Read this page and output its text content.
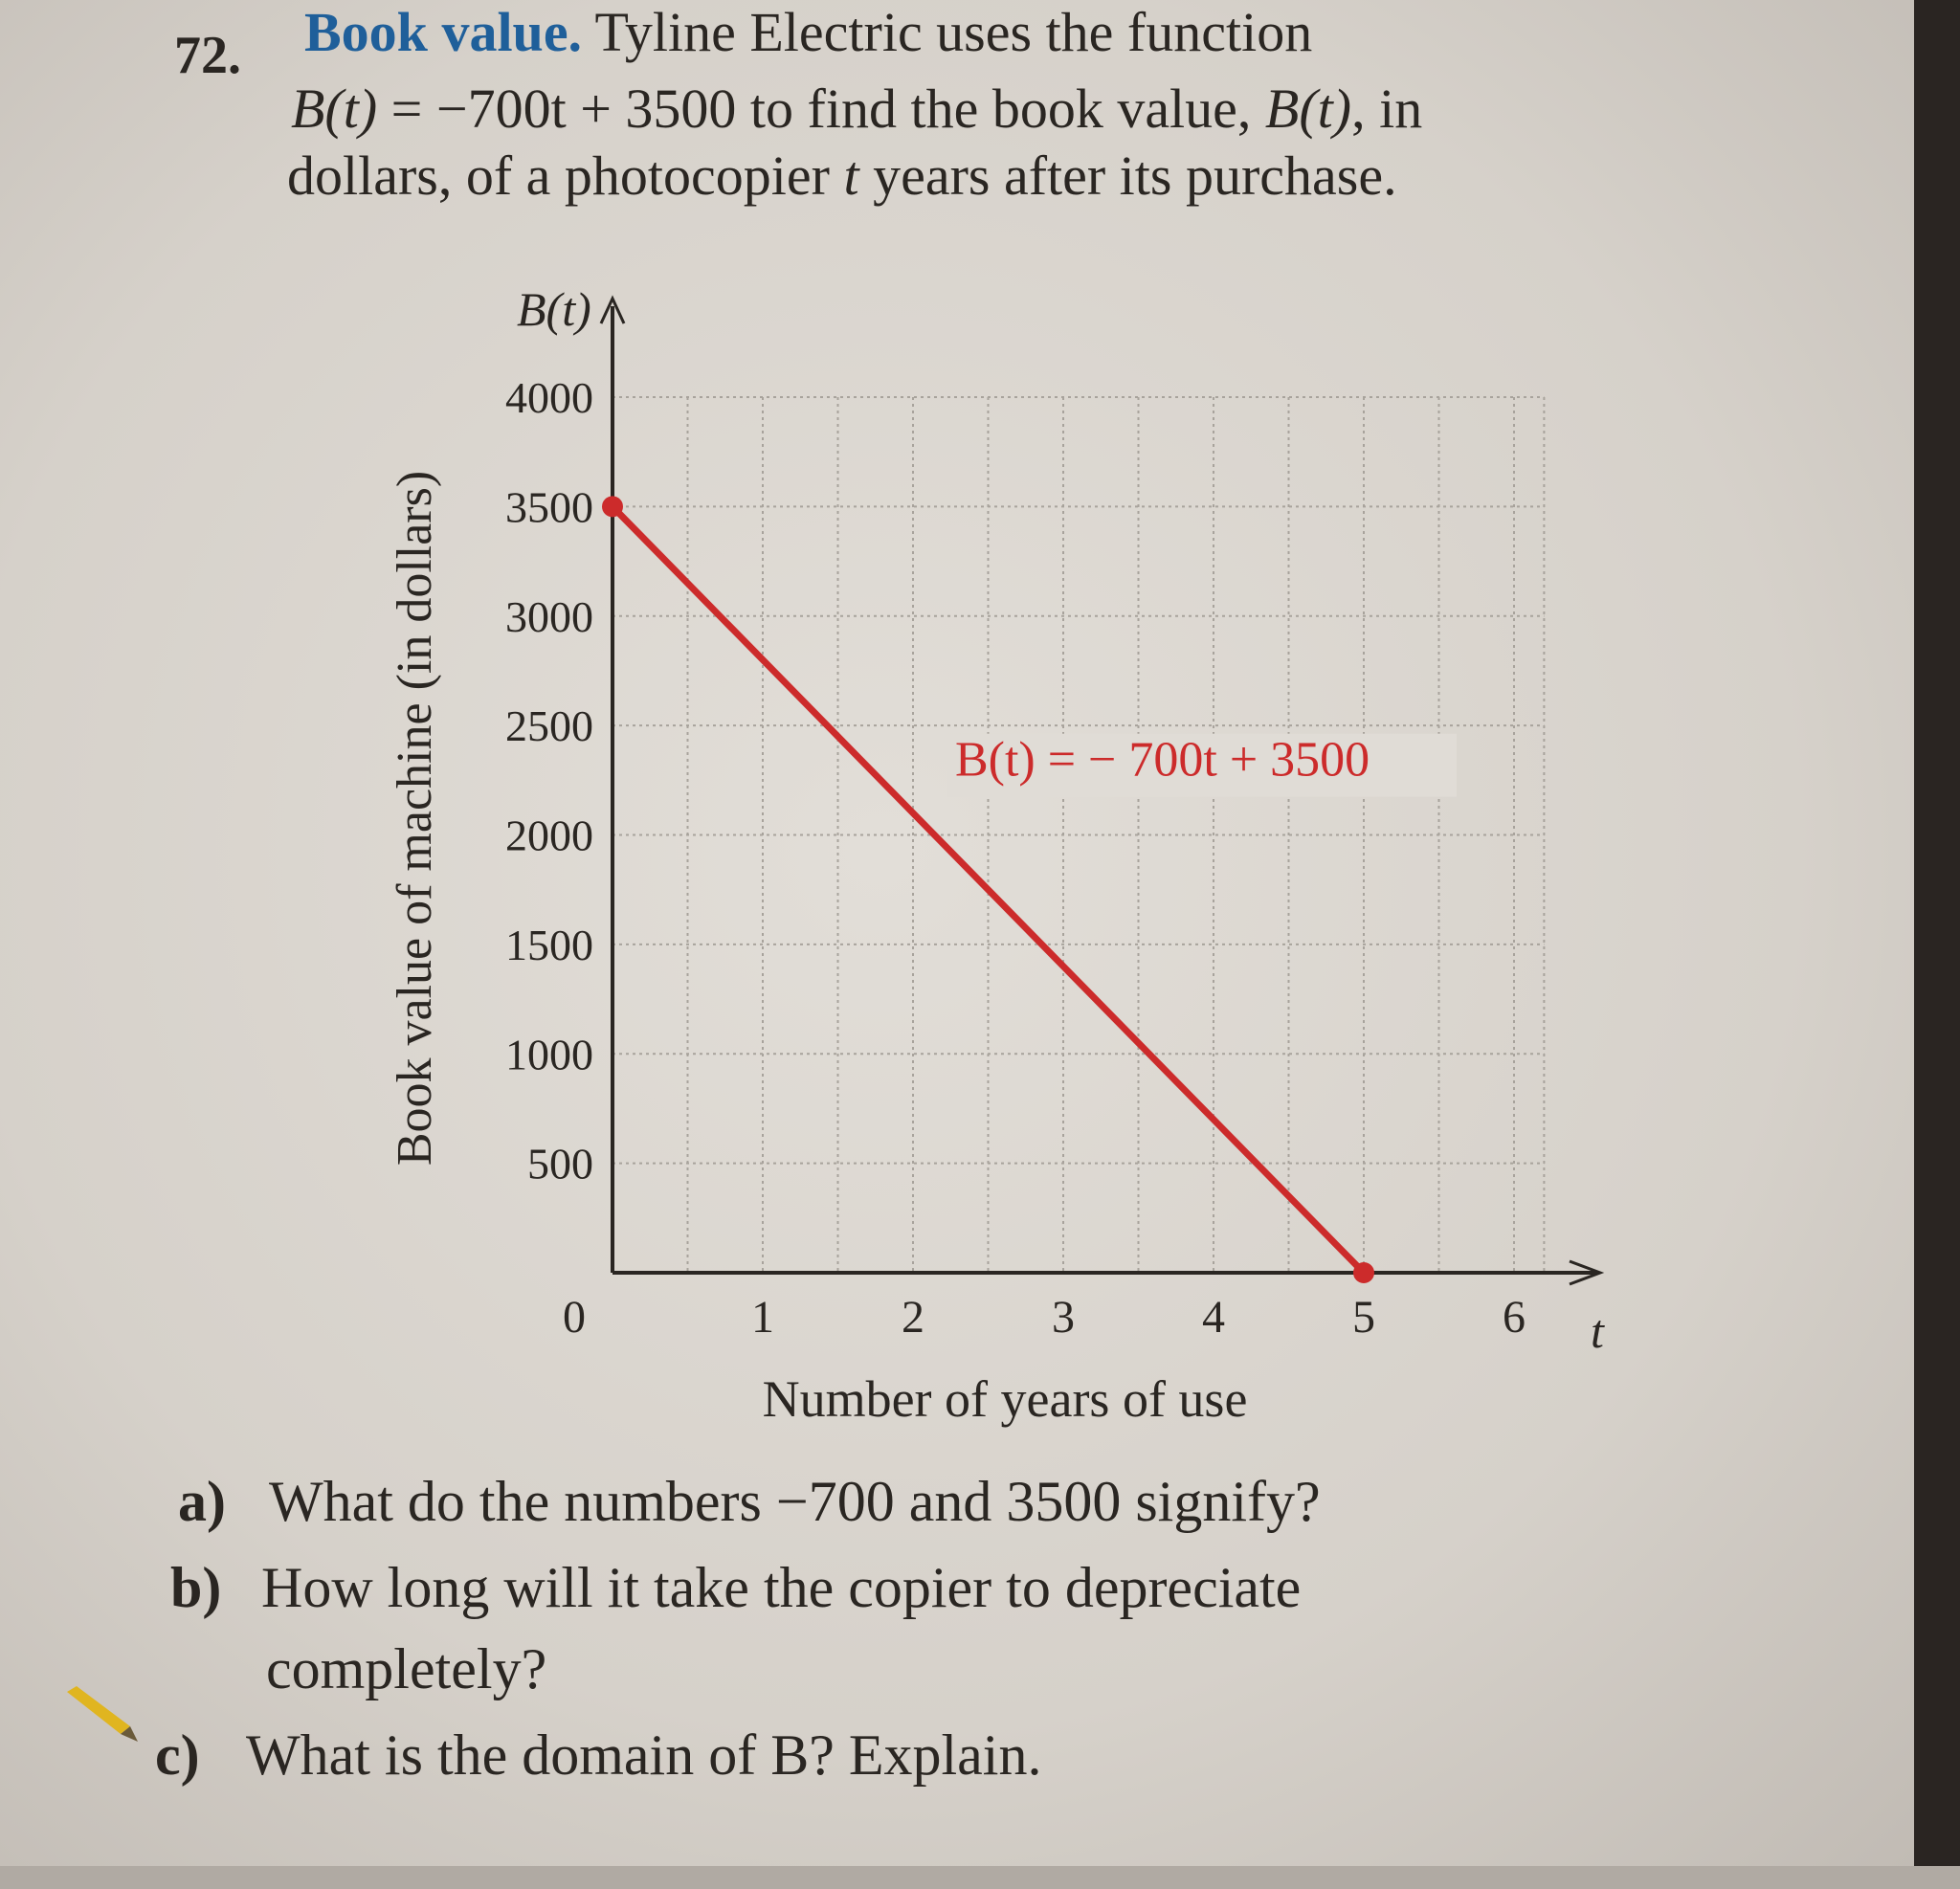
72. Book value. Tyline Electric uses the function
B(t) = −700t + 3500 to find the book value, B(t), in
dollars, of a photocopier t years after its purchase.
500
1000
1500
2000
2500
3000
3500
4000
0	1	2	3	4	5	6 t
B(t)
Number of years of use
Book value of machine (in dollars)	B(t) = − 700t + 3500
a) What do the numbers −700 and 3500 signify?
b) How long will it take the copier to depreciate
completely?
c) What is the domain of B? Explain.
